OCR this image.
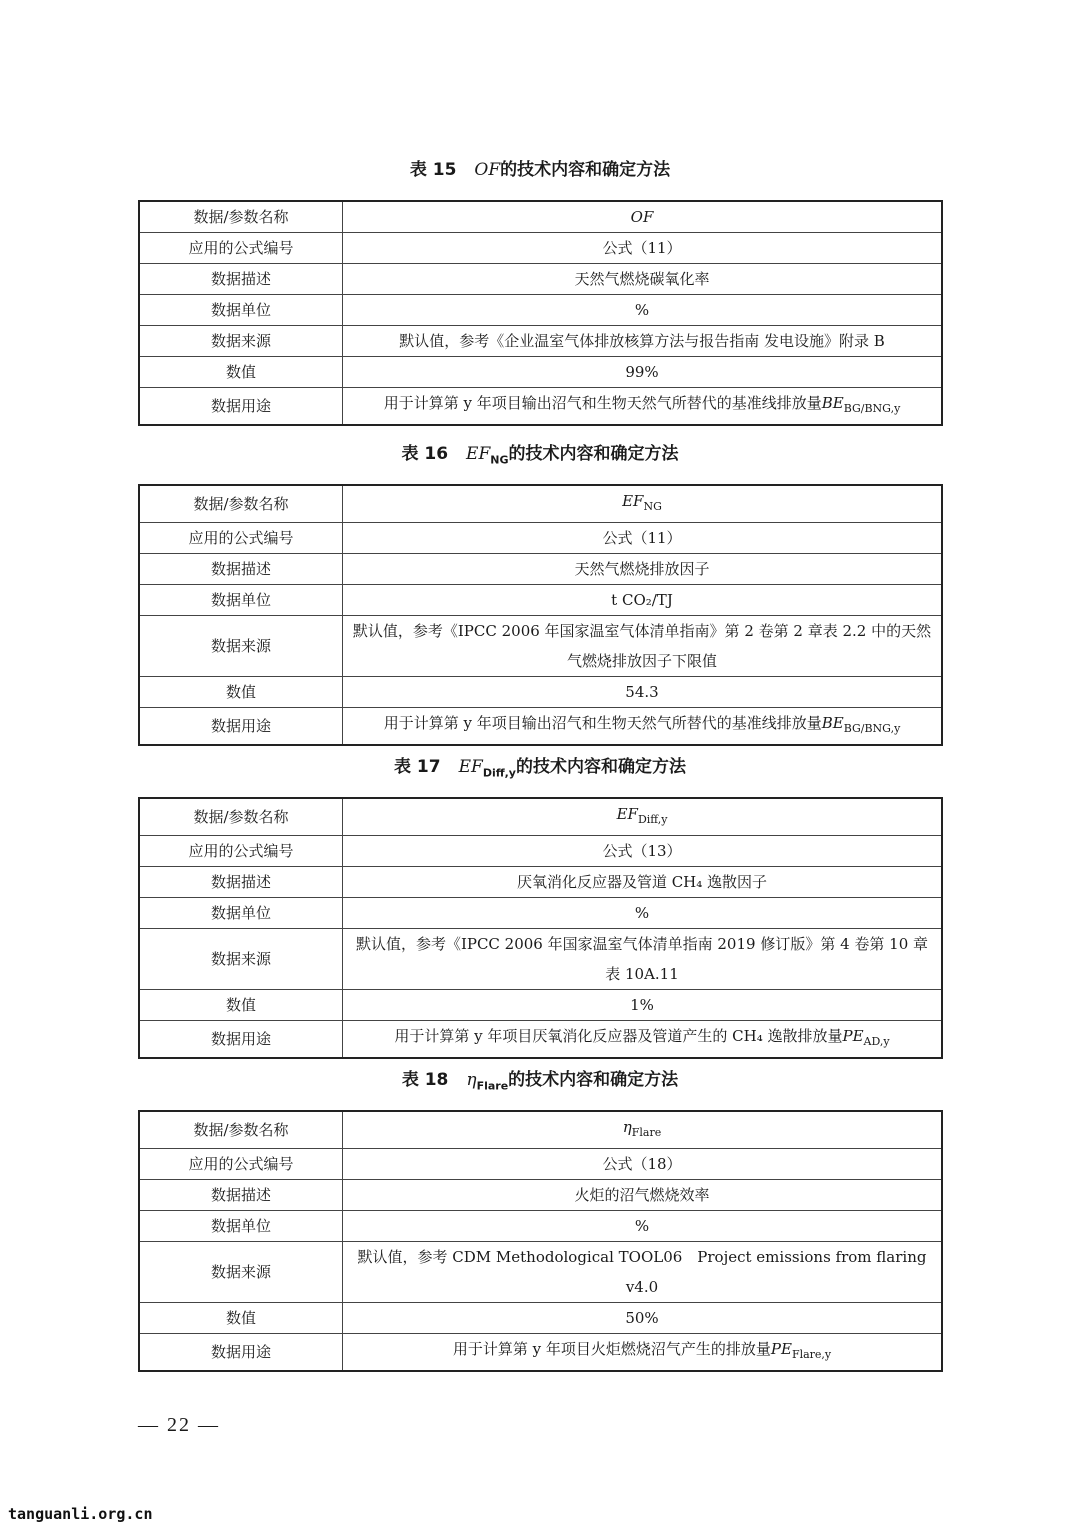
表 15 OF的技术内容和确定方法
数据/参数名称	OF
应用的公式编号	公式（11）
数据描述	天然气燃烧碳氧化率
数据单位	%
数据来源	默认值，参考《企业温室气体排放核算方法与报告指南 发电设施》附录 B
数值	99%
数据用途	用于计算第 y 年项目输出沼气和生物天然气所替代的基准线排放量$BE_{BG/BNG,y}$
表 16 $EF_{NG}$的技术内容和确定方法
数据/参数名称	$EF_{NG}$
应用的公式编号	公式（11）
数据描述	天然气燃烧排放因子
数据单位	t CO₂/TJ
数据来源	默认值，参考《IPCC 2006 年国家温室气体清单指南》第 2 卷第 2 章表 2.2 中的天然气燃烧排放因子下限值
数值	54.3
数据用途	用于计算第 y 年项目输出沼气和生物天然气所替代的基准线排放量$BE_{BG/BNG,y}$
表 17 $EF_{Diff,y}$的技术内容和确定方法
数据/参数名称	$EF_{Diff,y}$
应用的公式编号	公式（13）
数据描述	厌氧消化反应器及管道 CH₄ 逸散因子
数据单位	%
数据来源	默认值，参考《IPCC 2006 年国家温室气体清单指南 2019 修订版》第 4 卷第 10 章表 10A.11
数值	1%
数据用途	用于计算第 y 年项目厌氧消化反应器及管道产生的 CH₄ 逸散排放量$PE_{AD,y}$
表 18 $\eta_{Flare}$的技术内容和确定方法
数据/参数名称	$\eta_{Flare}$
应用的公式编号	公式（18）
数据描述	火炬的沼气燃烧效率
数据单位	%
数据来源	默认值，参考 CDM Methodological TOOL06　Project emissions from flaring v4.0
数值	50%
数据用途	用于计算第 y 年项目火炬燃烧沼气产生的排放量$PE_{Flare,y}$
— 22 —
tanguanli.org.cn
